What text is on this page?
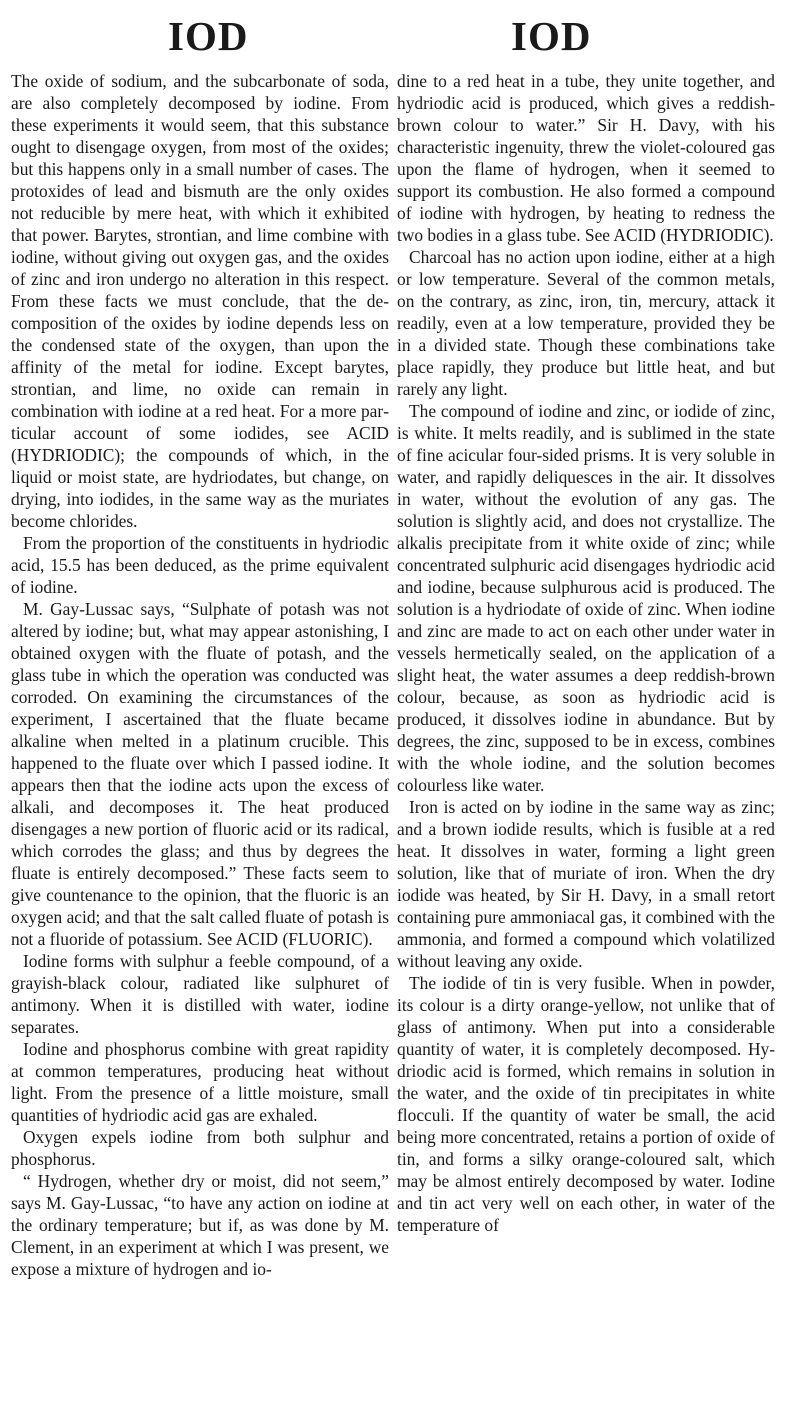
IOD	IOD

The oxide of sodium, and the subcarbonate of soda, are also completely decomposed by iodine. From these experiments it would seem, that this substance ought to disengage oxygen, from most of the oxides; but this happens only in a small number of cases. The protoxides of lead and bismuth are the only oxides not reducible by mere heat, with which it exhibited that power. Barytes, strontian, and lime combine with iodine, without giving out oxygen gas, and the oxides of zinc and iron undergo no alteration in this respect. From these facts we must conclude, that the decomposition of the oxides by iodine depends less on the condensed state of the oxygen, than upon the affinity of the metal for iodine. Except barytes, strontian, and lime, no oxide can remain in combination with iodine at a red heat. For a more particular account of some iodides, see ACID (HYDRIODIC); the compounds of which, in the liquid or moist state, are hydriodates, but change, on drying, into iodides, in the same way as the muriates become chlorides.

From the proportion of the constituents in hydriodic acid, 15.5 has been deduced, as the prime equivalent of iodine.

M. Gay-Lussac says, “Sulphate of potash was not altered by iodine; but, what may appear astonishing, I obtained oxygen with the fluate of potash, and the glass tube in which the operation was conducted was corroded. On examining the circumstances of the experiment, I ascertained that the fluate became alkaline when melted in a platinum crucible. This happened to the fluate over which I passed iodine. It appears then that the iodine acts upon the excess of alkali, and decomposes it. The heat produced disengages a new portion of fluoric acid or its radical, which corrodes the glass; and thus by degrees the fluate is entirely decomposed.” These facts seem to give countenance to the opinion, that the fluoric is an oxygen acid; and that the salt called fluate of potash is not a fluoride of potassium. See ACID (FLUORIC).

Iodine forms with sulphur a feeble compound, of a grayish-black colour, radiated like sulphuret of antimony. When it is distilled with water, iodine separates.

Iodine and phosphorus combine with great rapidity at common temperatures, producing heat without light. From the presence of a little moisture, small quantities of hydriodic acid gas are exhaled.

Oxygen expels iodine from both sulphur and phosphorus.

“ Hydrogen, whether dry or moist, did not seem,” says M. Gay-Lussac, “to have any action on iodine at the ordinary temperature; but if, as was done by M. Clement, in an experiment at which I was present, we expose a mixture of hydrogen and io-

dine to a red heat in a tube, they unite together, and hydriodic acid is produced, which gives a reddish-brown colour to water.” Sir H. Davy, with his characteristic ingenuity, threw the violet-coloured gas upon the flame of hydrogen, when it seemed to support its combustion. He also formed a compound of iodine with hydrogen, by heating to redness the two bodies in a glass tube. See ACID (HYDRIODIC).

Charcoal has no action upon iodine, either at a high or low temperature. Several of the common metals, on the contrary, as zinc, iron, tin, mercury, attack it readily, even at a low temperature, provided they be in a divided state. Though these combinations take place rapidly, they produce but little heat, and but rarely any light.

The compound of iodine and zinc, or iodide of zinc, is white. It melts readily, and is sublimed in the state of fine acicular four-sided prisms. It is very soluble in water, and rapidly deliquesces in the air. It dissolves in water, without the evolution of any gas. The solution is slightly acid, and does not crystallize. The alkalis precipitate from it white oxide of zinc; while concentrated sulphuric acid disengages hydriodic acid and iodine, because sulphurous acid is produced. The solution is a hydriodate of oxide of zinc. When iodine and zinc are made to act on each other under water in vessels hermetically sealed, on the application of a slight heat, the water assumes a deep reddish-brown colour, because, as soon as hydriodic acid is produced, it dissolves iodine in abundance. But by degrees, the zinc, supposed to be in excess, combines with the whole iodine, and the solution becomes colourless like water.

Iron is acted on by iodine in the same way as zinc; and a brown iodide results, which is fusible at a red heat. It dissolves in water, forming a light green solution, like that of muriate of iron. When the dry iodide was heated, by Sir H. Davy, in a small retort containing pure ammoniacal gas, it combined with the ammonia, and formed a compound which volatilized without leaving any oxide.

The iodide of tin is very fusible. When in powder, its colour is a dirty orange-yellow, not unlike that of glass of antimony. When put into a considerable quantity of water, it is completely decomposed. Hydriodic acid is formed, which remains in solution in the water, and the oxide of tin precipitates in white flocculi. If the quantity of water be small, the acid being more concentrated, retains a portion of oxide of tin, and forms a silky orange-coloured salt, which may be almost entirely decomposed by water. Iodine and tin act very well on each other, in water of the temperature of
